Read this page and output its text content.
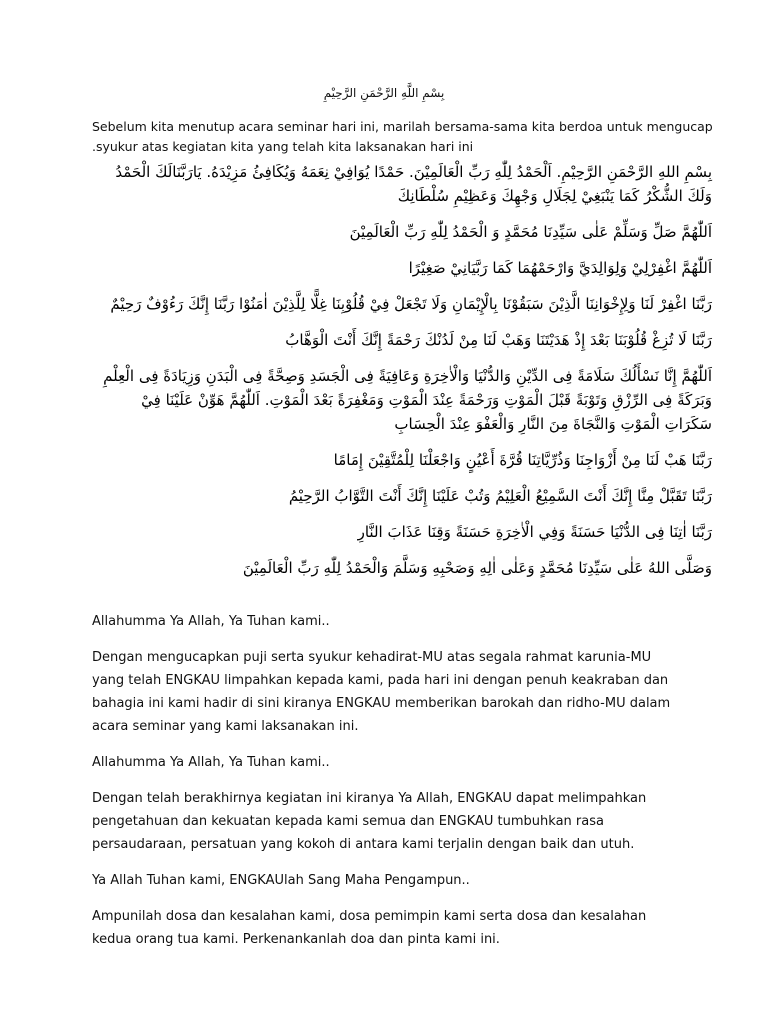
بِسْمِ اللَّهِ الرَّحْمَنِ الرَّحِيْمِ
Sebelum kita menutup acara seminar hari ini, marilah bersama-sama kita berdoa untuk mengucap
.syukur atas kegiatan kita yang telah kita laksanakan hari ini

بِسْمِ اللهِ الرَّحْمَنِ الرَّحِيْمِ. اَلْحَمْدُ لِلّٰهِ رَبِّ الْعَالَمِيْنَ. حَمْدًا يُوَافِيْ نِعَمَهُ وَيُكَافِئُ مَزِيْدَهُ. يَارَبَّنَالَكَ الْحَمْدُ وَلَكَ الشُّكْرُ كَمَا يَنْبَغِيْ لِجَلَالِ وَجْهِكَ وَعَظِيْمِ سُلْطَانِكَ

اَللّٰهُمَّ صَلِّ وَسَلِّمْ عَلٰى سَيِّدِنَا مُحَمَّدٍ وَ الْحَمْدُ لِلّٰهِ رَبِّ الْعَالَمِيْنَ

اَللّٰهُمَّ اغْفِرْلِيْ وَلِوَالِدَيَّ وَارْحَمْهُمَا كَمَا رَبَّيَانِيْ صَغِيْرًا

رَبَّنَا اغْفِرْ لَنَا وَلِإِخْوَانِنَا الَّذِيْنَ سَبَقُوْنَا بِالْإِيْمَانِ وَلَا تَجْعَلْ فِيْ قُلُوْبِنَا غِلًّا لِلَّذِيْنَ اٰمَنُوْا رَبَّنَا إِنَّكَ رَءُوْفٌ رَحِيْمٌ

رَبَّنَا لَا تُزِغْ قُلُوْبَنَا بَعْدَ إِذْ هَدَيْتَنَا وَهَبْ لَنَا مِنْ لَدُنْكَ رَحْمَةً إِنَّكَ أَنْتَ الْوَهَّابُ

اَللّٰهُمَّ إِنَّا نَسْأَلُكَ سَلَامَةً فِى الدِّيْنِ وَالدُّنْيَا وَالْاٰخِرَةِ وَعَافِيَةً فِى الْجَسَدِ وَصِحَّةً فِى الْبَدَنِ وَزِيَادَةً فِى الْعِلْمِ وَبَرَكَةً فِى الرِّزْقِ وَتَوْبَةً قَبْلَ الْمَوْتِ وَرَحْمَةً عِنْدَ الْمَوْتِ وَمَغْفِرَةً بَعْدَ الْمَوْتِ. اَللّٰهُمَّ هَوِّنْ عَلَيْنَا فِيْ سَكَرَاتِ الْمَوْتِ وَالنَّجَاةَ مِنَ النَّارِ وَالْعَفْوَ عِنْدَ الْحِسَابِ

رَبَّنَا هَبْ لَنَا مِنْ أَزْوَاجِنَا وَذُرِّيَّاتِنَا قُرَّةَ أَعْيُنٍ وَاجْعَلْنَا لِلْمُتَّقِيْنَ إِمَامًا

رَبَّنَا تَقَبَّلْ مِنَّا إِنَّكَ أَنْتَ السَّمِيْعُ الْعَلِيْمُ وَتُبْ عَلَيْنَا إِنَّكَ أَنْتَ التَّوَّابُ الرَّحِيْمُ

رَبَّنَا اٰتِنَا فِى الدُّنْيَا حَسَنَةً وَفِي الْاٰخِرَةِ حَسَنَةً وَقِنَا عَذَابَ النَّارِ

وَصَلَّى اللهُ عَلٰى سَيِّدِنَا مُحَمَّدٍ وَعَلٰى اٰلِهِ وَصَحْبِهِ وَسَلَّمَ وَالْحَمْدُ لِلّٰهِ رَبِّ الْعَالَمِيْنَ

Allahumma Ya Allah, Ya Tuhan kami..

Dengan mengucapkan puji serta syukur kehadirat-MU atas segala rahmat karunia-MU yang telah ENGKAU limpahkan kepada kami, pada hari ini dengan penuh keakraban dan bahagia ini kami hadir di sini kiranya ENGKAU memberikan barokah dan ridho-MU dalam acara seminar yang kami laksanakan ini.

Allahumma Ya Allah, Ya Tuhan kami..

Dengan telah berakhirnya kegiatan ini kiranya Ya Allah, ENGKAU dapat melimpahkan pengetahuan dan kekuatan kepada kami semua dan ENGKAU tumbuhkan rasa persaudaraan, persatuan yang kokoh di antara kami terjalin dengan baik dan utuh.

Ya Allah Tuhan kami, ENGKAUlah Sang Maha Pengampun..

Ampunilah dosa dan kesalahan kami, dosa pemimpin kami serta dosa dan kesalahan kedua orang tua kami. Perkenankanlah doa dan pinta kami ini.
